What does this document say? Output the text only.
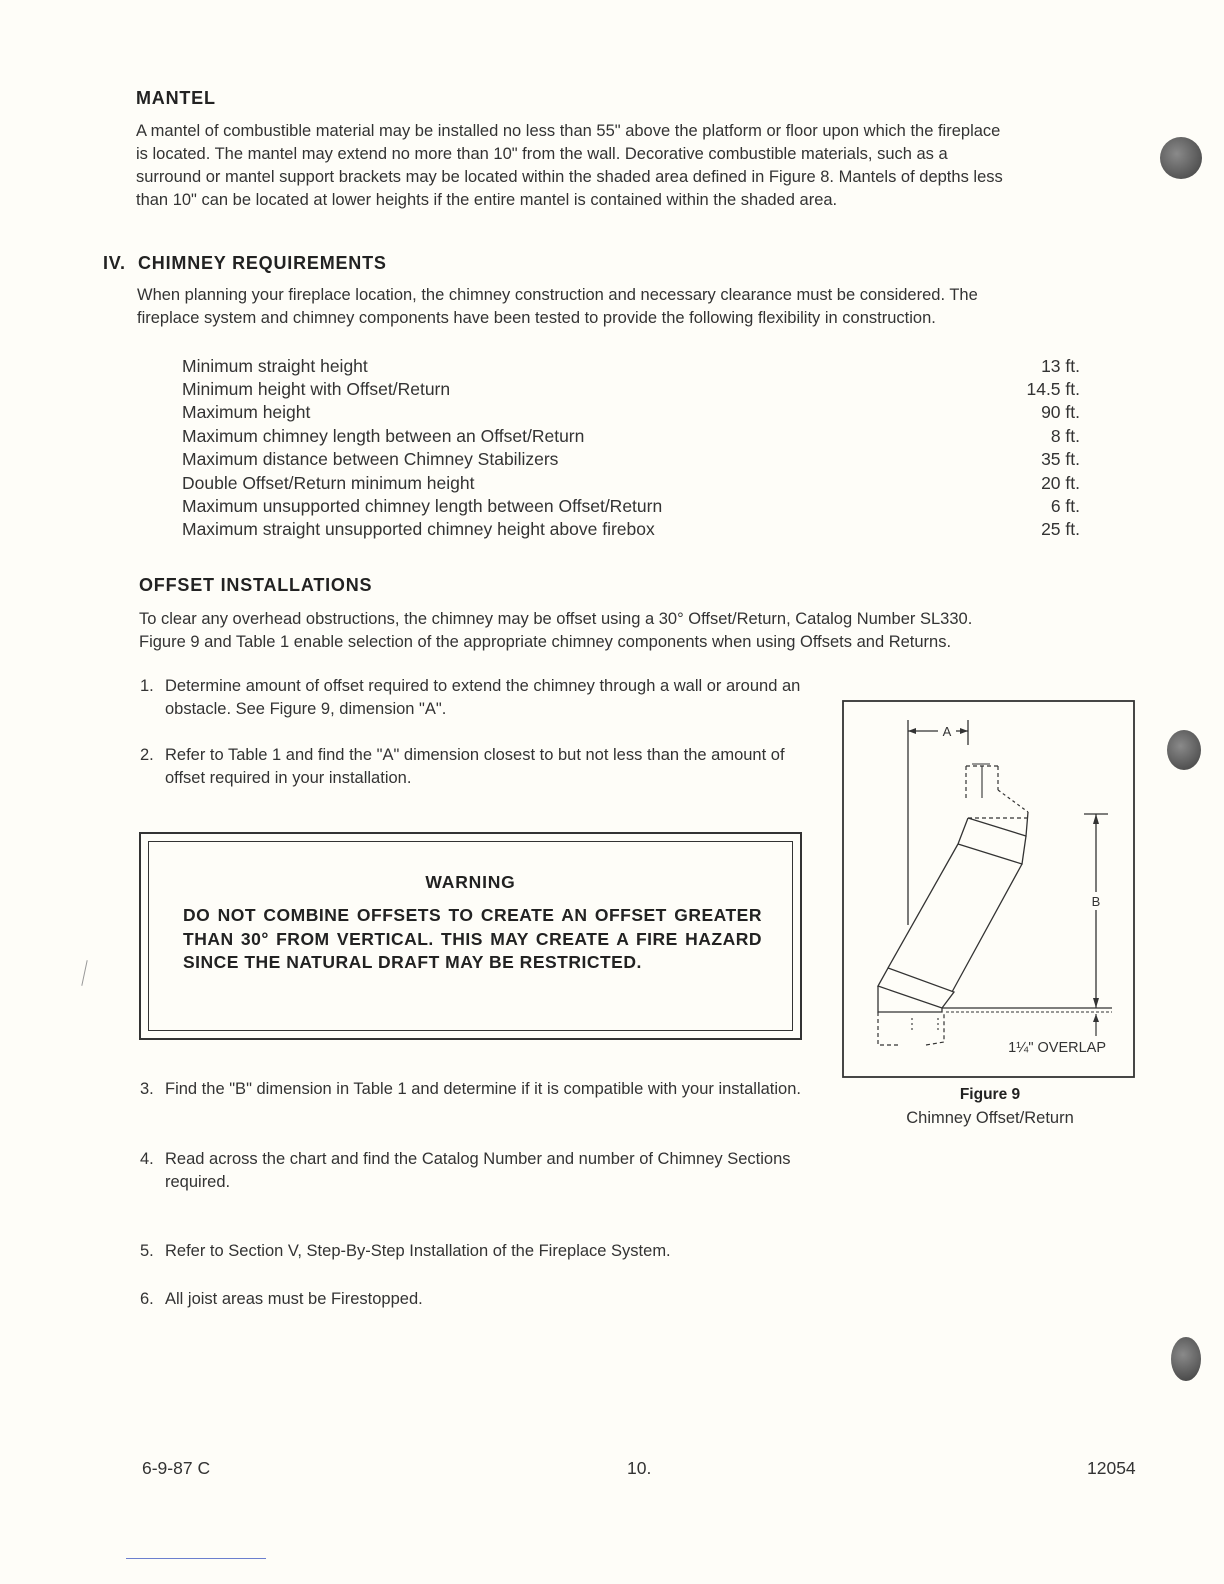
MANTEL
A mantel of combustible material may be installed no less than 55" above the platform or floor upon which the fireplace
is located. The mantel may extend no more than 10" from the wall. Decorative combustible materials, such as a
surround or mantel support brackets may be located within the shaded area defined in Figure 8. Mantels of depths less
than 10" can be located at lower heights if the entire mantel is contained within the shaded area.
IV. CHIMNEY REQUIREMENTS
When planning your fireplace location, the chimney construction and necessary clearance must be considered. The
fireplace system and chimney components have been tested to provide the following flexibility in construction.
Minimum straight height	13 ft.
Minimum height with Offset/Return	14.5 ft.
Maximum height	90 ft.
Maximum chimney length between an Offset/Return	8 ft.
Maximum distance between Chimney Stabilizers	35 ft.
Double Offset/Return minimum height	20 ft.
Maximum unsupported chimney length between Offset/Return	6 ft.
Maximum straight unsupported chimney height above firebox	25 ft.
OFFSET INSTALLATIONS
To clear any overhead obstructions, the chimney may be offset using a 30° Offset/Return, Catalog Number SL330.
Figure 9 and Table 1 enable selection of the appropriate chimney components when using Offsets and Returns.
1. Determine amount of offset required to extend the chimney through a wall or around an obstacle. See Figure 9, dimension "A".
2. Refer to Table 1 and find the "A" dimension closest to but not less than the amount of offset required in your installation.
WARNING
DO NOT COMBINE OFFSETS TO CREATE AN OFFSET GREATER THAN 30° FROM VERTICAL. THIS MAY CREATE A FIRE HAZARD SINCE THE NATURAL DRAFT MAY BE RESTRICTED.
3. Find the "B" dimension in Table 1 and determine if it is compatible with your installation.
4. Read across the chart and find the Catalog Number and number of Chimney Sections required.
5. Refer to Section V, Step-By-Step Installation of the Fireplace System.
6. All joist areas must be Firestopped.
A
B
1¼" OVERLAP
Figure 9
Chimney Offset/Return
6-9-87 C	10.	12054
